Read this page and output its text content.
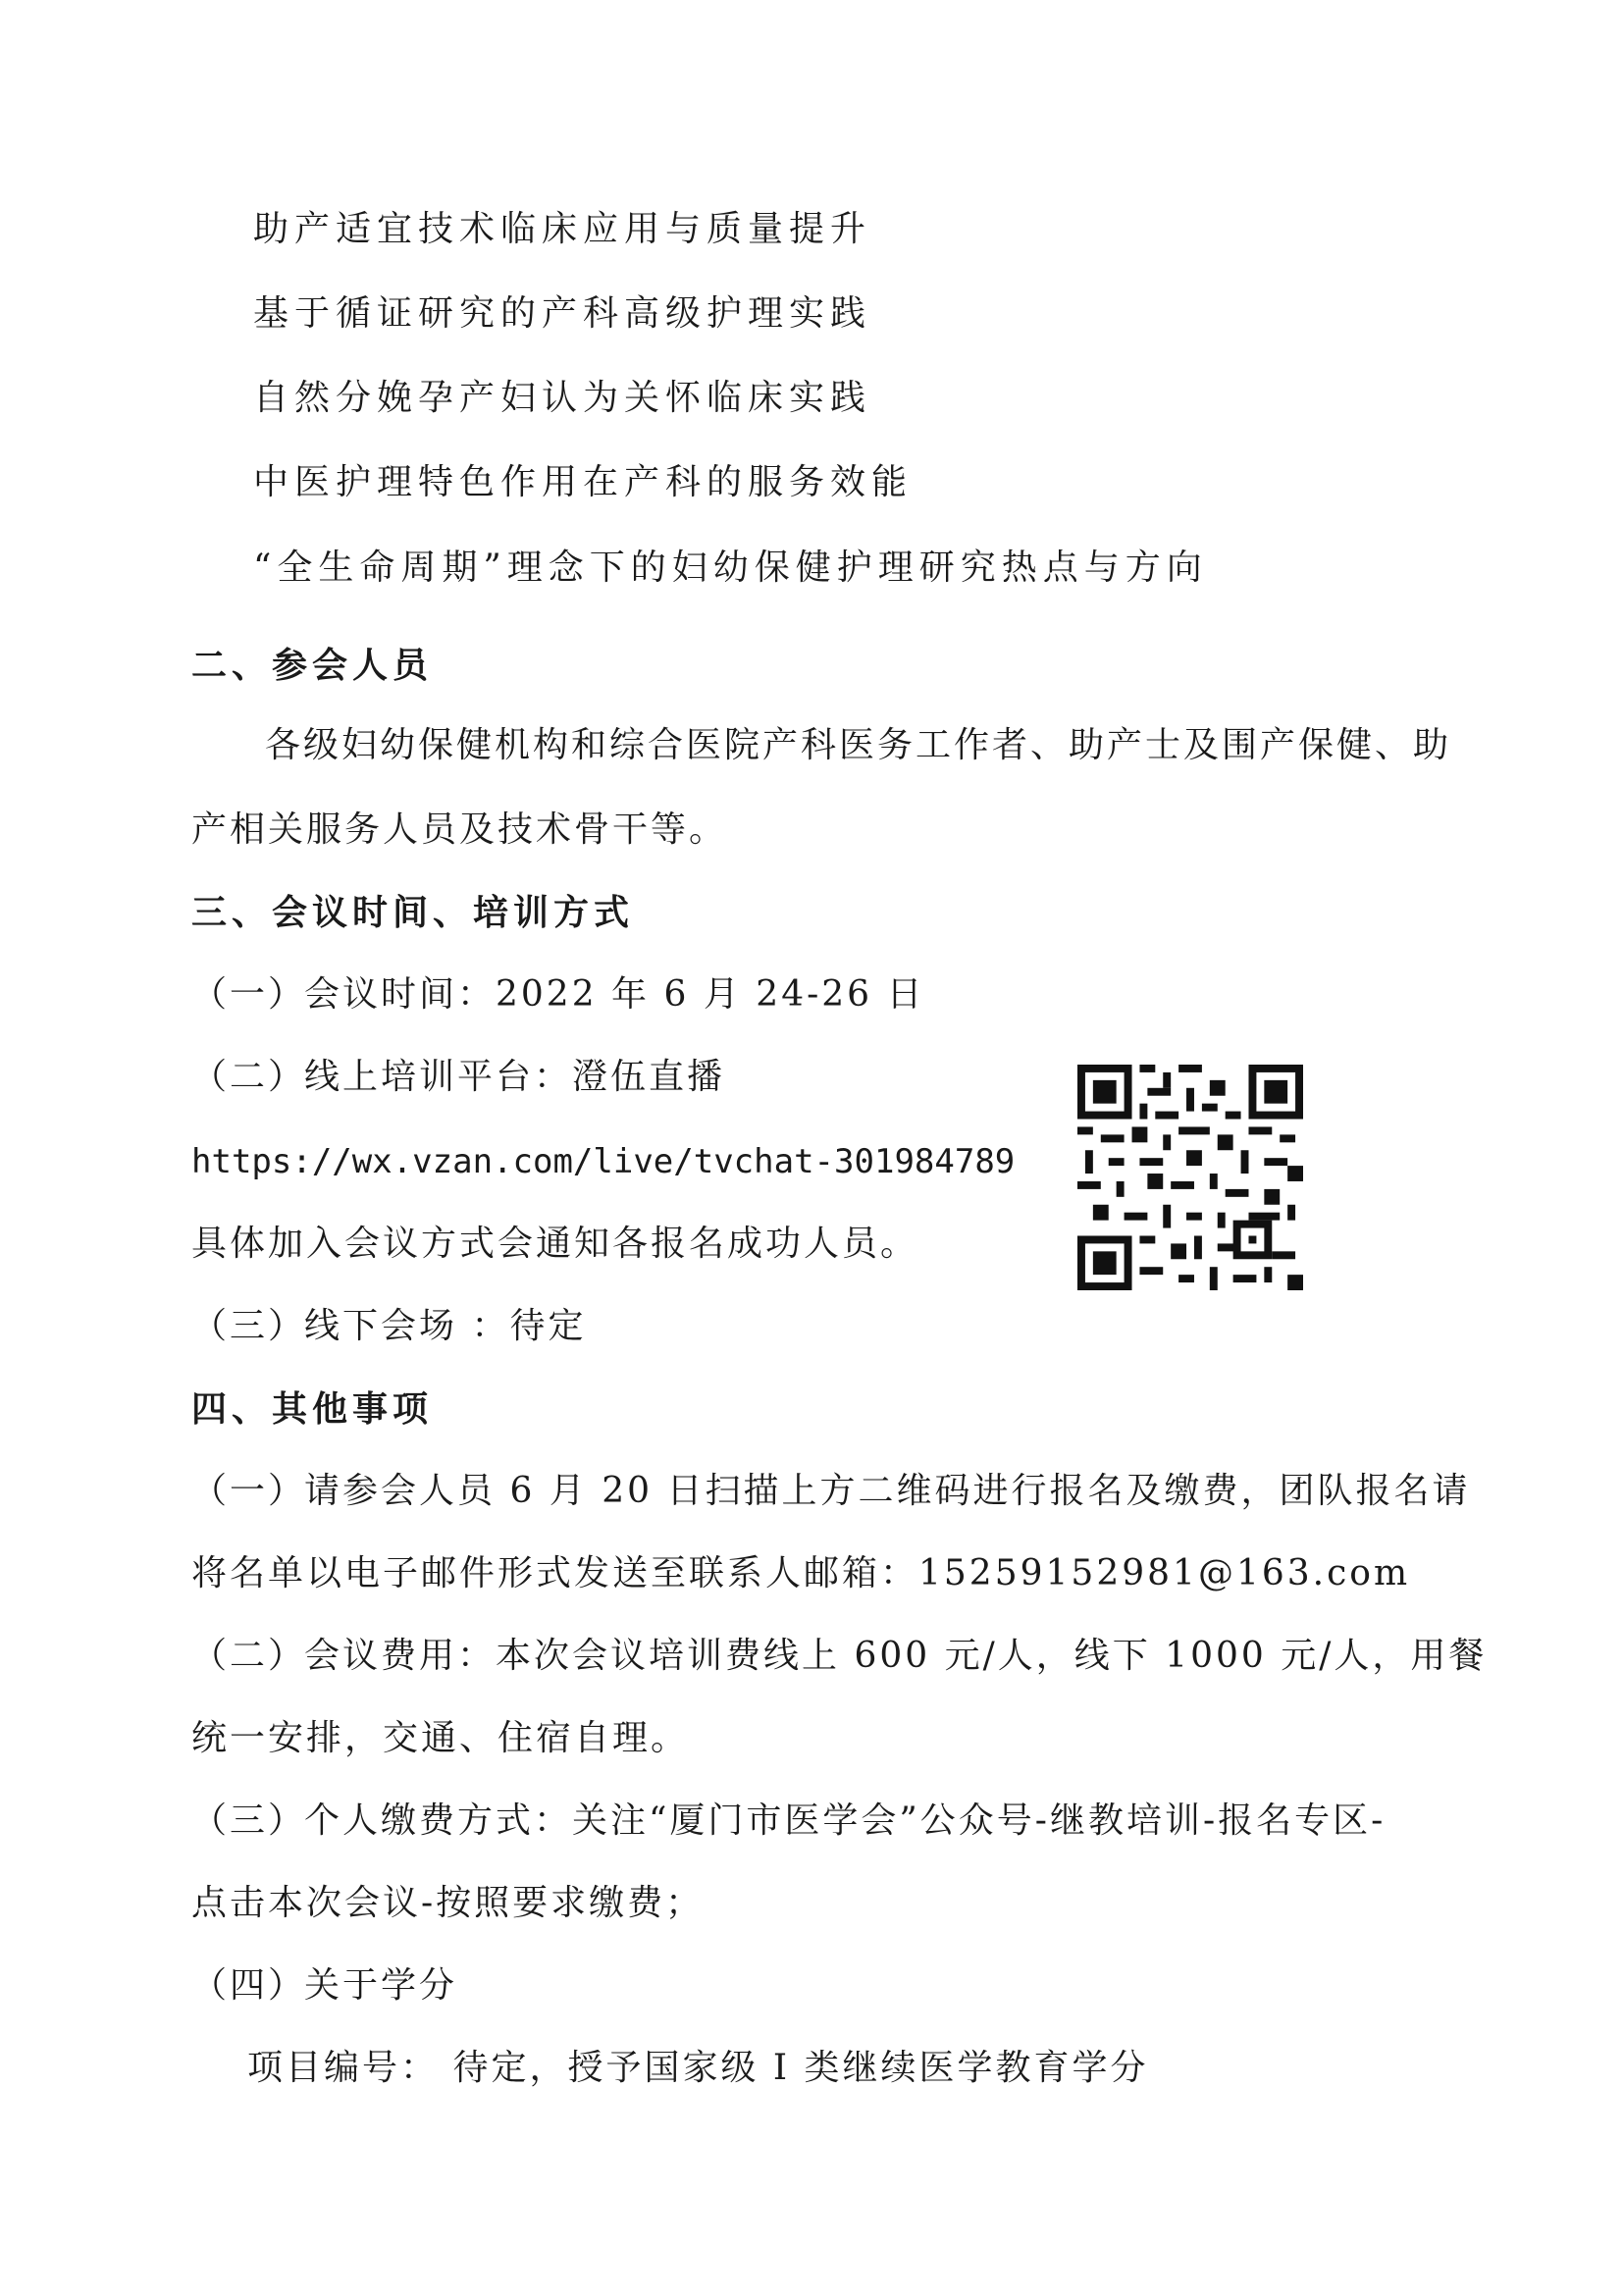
助产适宜技术临床应用与质量提升
基于循证研究的产科高级护理实践
自然分娩孕产妇认为关怀临床实践
中医护理特色作用在产科的服务效能
“全生命周期”理念下的妇幼保健护理研究热点与方向
二、参会人员
各级妇幼保健机构和综合医院产科医务工作者、助产士及围产保健、助
产相关服务人员及技术骨干等。
三、会议时间、培训方式
（一）会议时间：2022 年 6 月 24-26 日
（二）线上培训平台：澄伍直播
https://wx.vzan.com/live/tvchat-301984789
具体加入会议方式会通知各报名成功人员。
（三）线下会场 ：待定
四、其他事项
（一）请参会人员 6 月 20 日扫描上方二维码进行报名及缴费，团队报名请
将名单以电子邮件形式发送至联系人邮箱：15259152981@163.com
（二）会议费用：本次会议培训费线上 600 元/人，线下 1000 元/人，用餐
统一安排，交通、住宿自理。
（三）个人缴费方式：关注“厦门市医学会”公众号-继教培训-报名专区-
点击本次会议-按照要求缴费；
（四）关于学分
项目编号： 待定，授予国家级 I 类继续医学教育学分
